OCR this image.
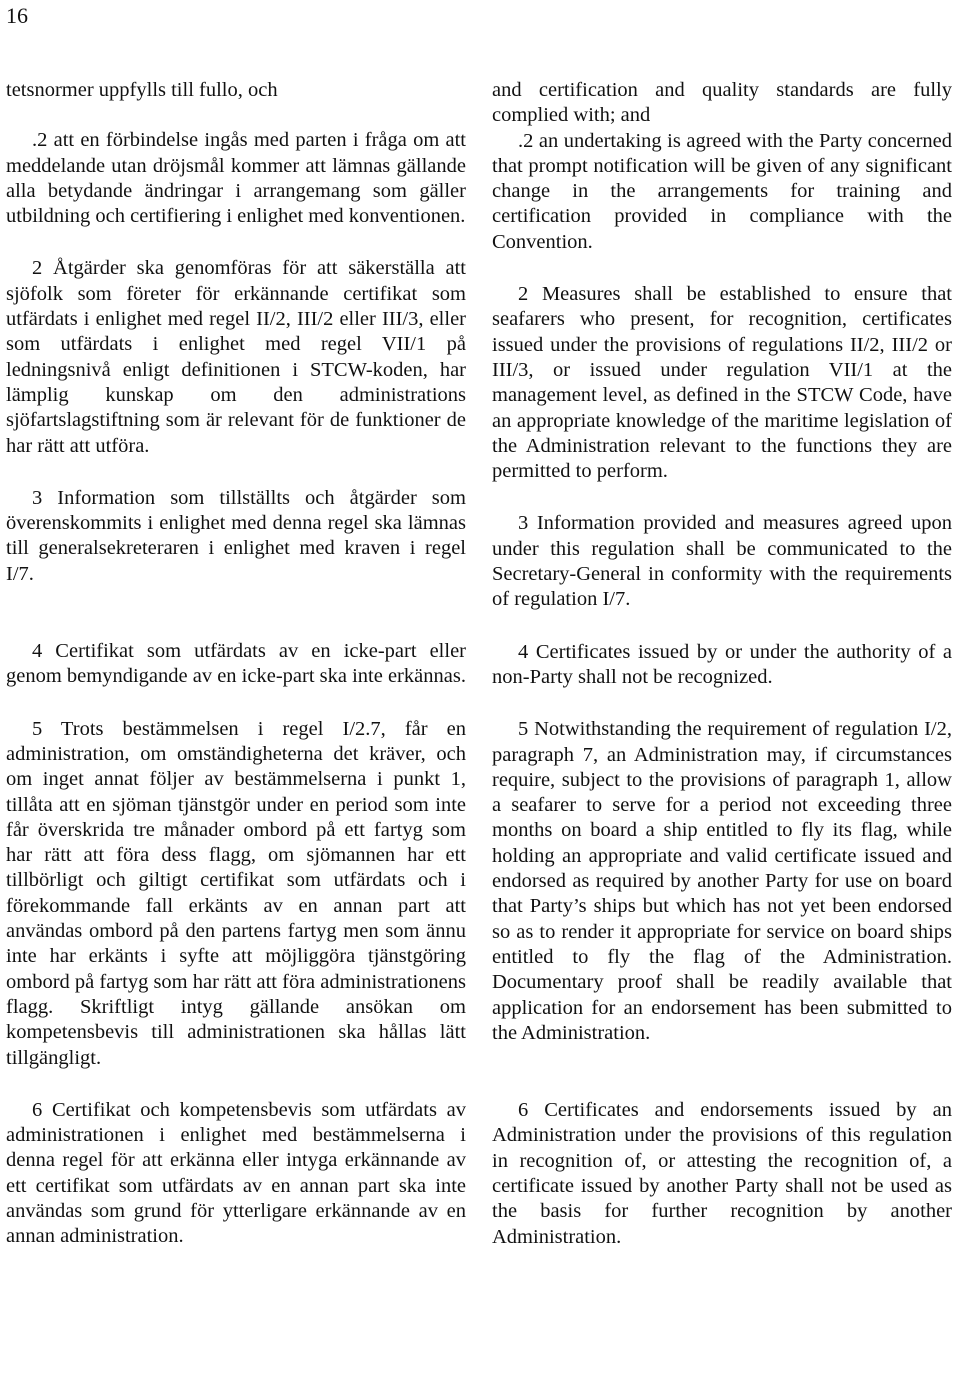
16

tetsnormer uppfylls till fullo, och

.2 att en förbindelse ingås med parten i fråga om att meddelande utan dröjsmål kommer att lämnas gällande alla betydande ändringar i arrangemang som gäller utbildning och certifiering i enlighet med konventionen.

2 Åtgärder ska genomföras för att säkerställa att sjöfolk som företer för erkännande certifikat som utfärdats i enlighet med regel II/2, III/2 eller III/3, eller som utfärdats i enlighet med regel VII/1 på ledningsnivå enligt definitionen i STCW-koden, har lämplig kunskap om den administrations sjöfartslagstiftning som är relevant för de funktioner de har rätt att utföra.

3 Information som tillställts och åtgärder som överenskommits i enlighet med denna regel ska lämnas till generalsekreteraren i enlighet med kraven i regel I/7.

4 Certifikat som utfärdats av en icke-part eller genom bemyndigande av en icke-part ska inte erkännas.

5 Trots bestämmelsen i regel I/2.7, får en administration, om omständigheterna det kräver, och om inget annat följer av bestämmelserna i punkt 1, tillåta att en sjöman tjänstgör under en period som inte får överskrida tre månader ombord på ett fartyg som har rätt att föra dess flagg, om sjömannen har ett tillbörligt och giltigt certifikat som utfärdats och i förekommande fall erkänts av en annan part att användas ombord på den partens fartyg men som ännu inte har erkänts i syfte att möjliggöra tjänstgöring ombord på fartyg som har rätt att föra administrationens flagg. Skriftligt intyg gällande ansökan om kompetensbevis till administrationen ska hållas lätt tillgängligt.

6 Certifikat och kompetensbevis som utfärdats av administrationen i enlighet med bestämmelserna i denna regel för att erkänna eller intyga erkännande av ett certifikat som utfärdats av en annan part ska inte användas som grund för ytterligare erkännande av en annan administration.

and certification and quality standards are fully complied with; and

.2 an undertaking is agreed with the Party concerned that prompt notification will be given of any significant change in the arrangements for training and certification provided in compliance with the Convention.

2 Measures shall be established to ensure that seafarers who present, for recognition, certificates issued under the provisions of regulations II/2, III/2 or III/3, or issued under regulation VII/1 at the management level, as defined in the STCW Code, have an appropriate knowledge of the maritime legislation of the Administration relevant to the functions they are permitted to perform.

3 Information provided and measures agreed upon under this regulation shall be communicated to the Secretary-General in conformity with the requirements of regulation I/7.

4 Certificates issued by or under the authority of a non-Party shall not be recognized.

5 Notwithstanding the requirement of regulation I/2, paragraph 7, an Administration may, if circumstances require, subject to the provisions of paragraph 1, allow a seafarer to serve for a period not exceeding three months on board a ship entitled to fly its flag, while holding an appropriate and valid certificate issued and endorsed as required by another Party for use on board that Party’s ships but which has not yet been endorsed so as to render it appropriate for service on board ships entitled to fly the flag of the Administration. Documentary proof shall be readily available that application for an endorsement has been submitted to the Administration.

6 Certificates and endorsements issued by an Administration under the provisions of this regulation in recognition of, or attesting the recognition of, a certificate issued by another Party shall not be used as the basis for further recognition by another Administration.
